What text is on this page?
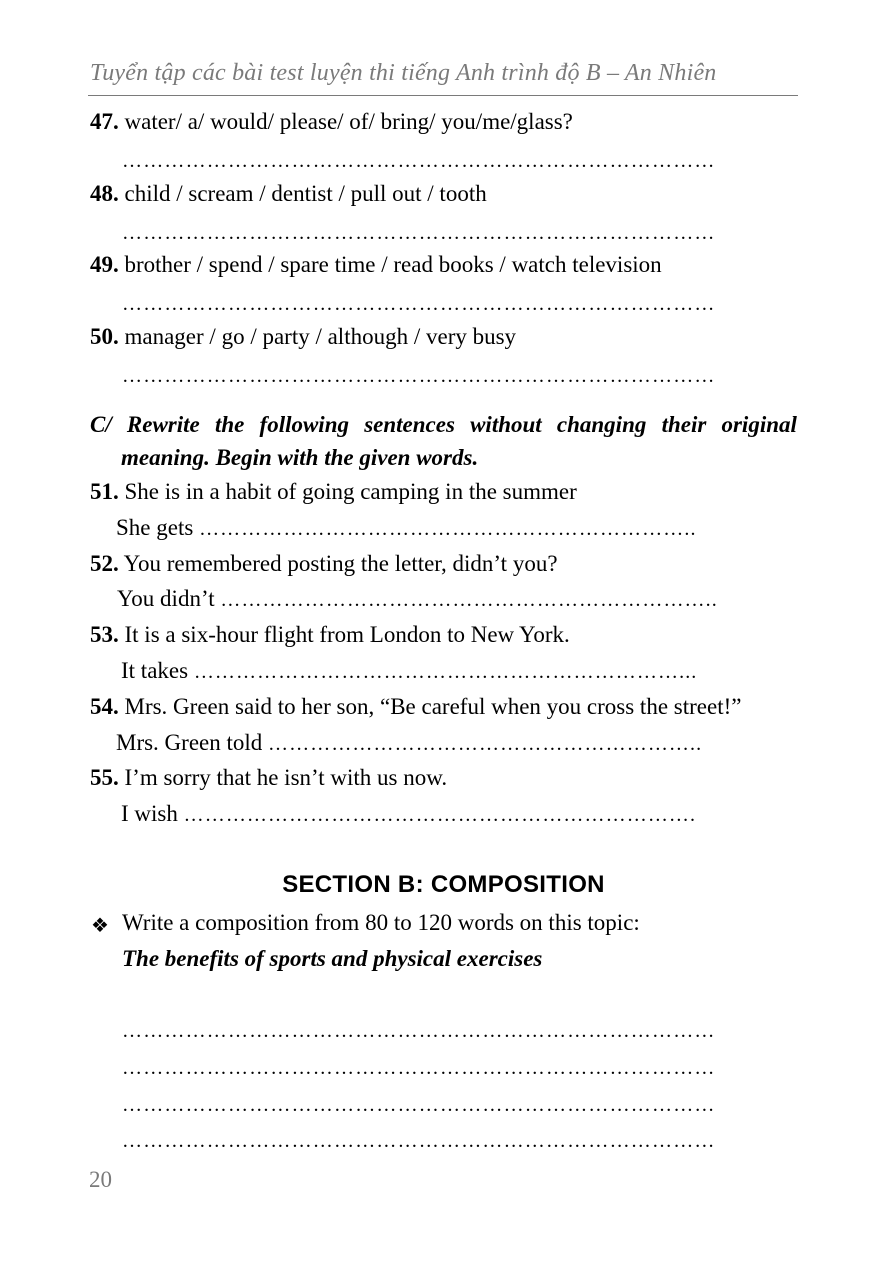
Tuyển tập các bài test luyện thi tiếng Anh trình độ B – An Nhiên
47. water/ a/ would/ please/ of/ bring/ you/me/glass?
…………………………………………………………………………
48. child / scream / dentist / pull out / tooth
…………………………………………………………………………
49. brother / spend / spare time / read books / watch television
…………………………………………………………………………
50. manager / go / party / although / very busy
…………………………………………………………………………
C/ Rewrite the following sentences without changing their original
meaning. Begin with the given words.
51. She is in a habit of going camping in the summer
She gets ……………………………………………………………..
52. You remembered posting the letter, didn’t you?
You didn’t ……………………………………………………………..
53. It is a six-hour flight from London to New York.
It takes ……………………………………………………………...
54. Mrs. Green said to her son, “Be careful when you cross the street!”
Mrs. Green told ……………………………………………………..
55. I’m sorry that he isn’t with us now.
I wish ……………………………………………………………….
SECTION B: COMPOSITION
❖ Write a composition from 80 to 120 words on this topic:
The benefits of sports and physical exercises
…………………………………………………………………………
…………………………………………………………………………
…………………………………………………………………………
…………………………………………………………………………
20
